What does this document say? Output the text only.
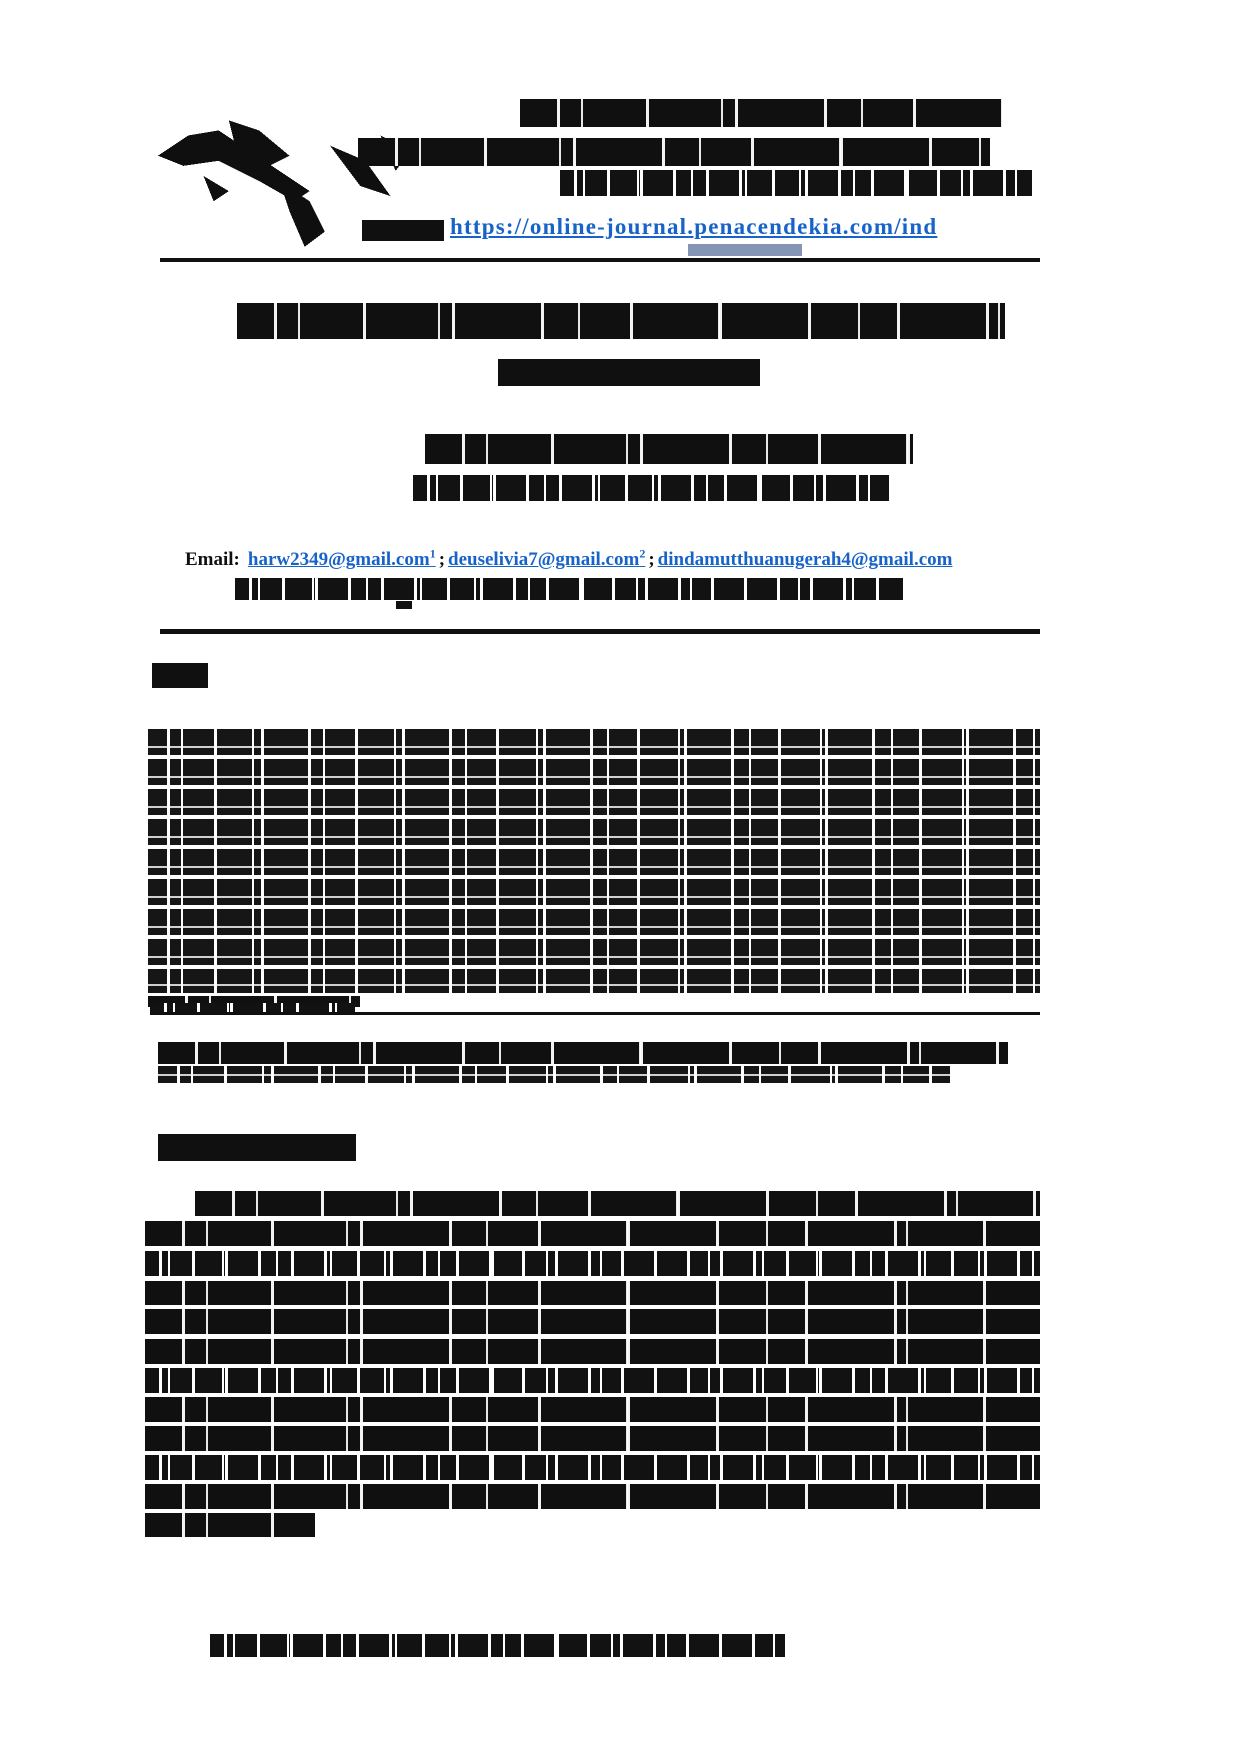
https://online-journal.penacendekia.com/ind
Email: harw2349@gmail.com$^1$ ; deuselivia7@gmail.com$^2$ ; dindamutthuanugerah4@gmail.com
